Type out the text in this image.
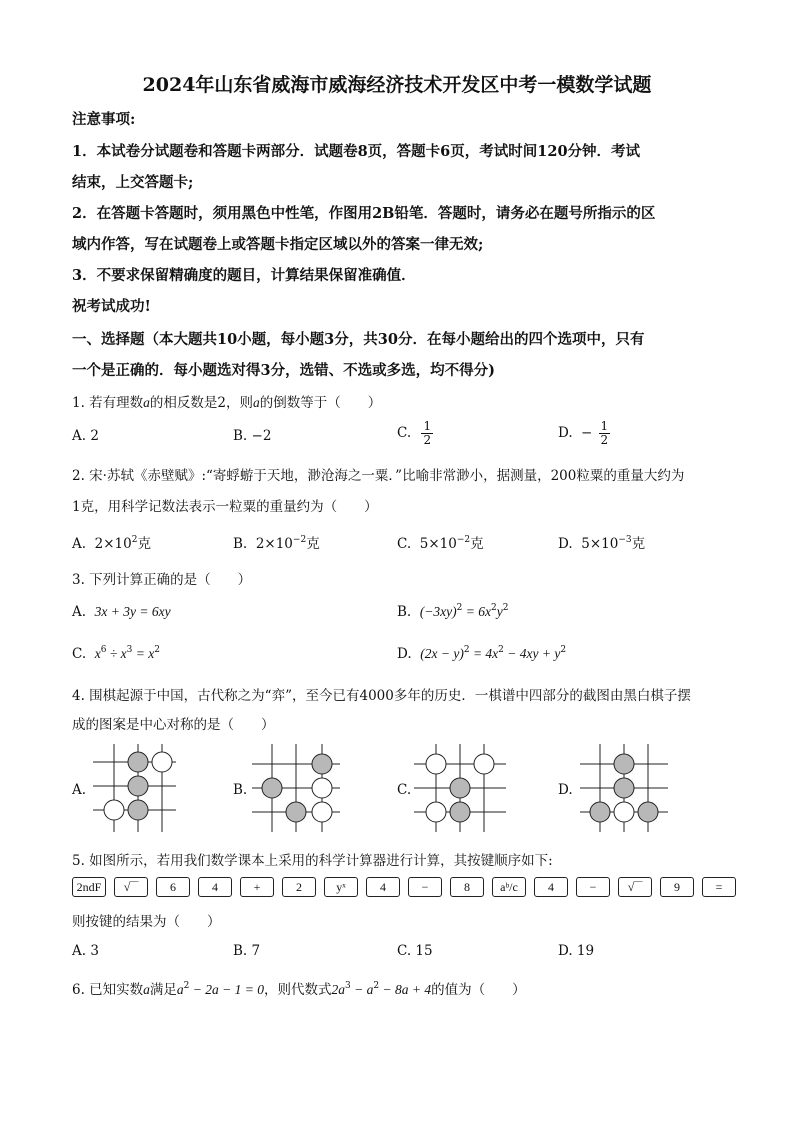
2024年山东省威海市威海经济技术开发区中考一模数学试题
注意事项:
1．本试卷分试题卷和答题卡两部分．试题卷8页，答题卡6页，考试时间120分钟．考试
结束，上交答题卡;
2．在答题卡答题时，须用黑色中性笔，作图用2B铅笔．答题时，请务必在题号所指示的区
域内作答，写在试题卷上或答题卡指定区域以外的答案一律无效;
3．不要求保留精确度的题目，计算结果保留准确值．
祝考试成功!
一、选择题（本大题共10小题，每小题3分，共30分．在每小题给出的四个选项中，只有
一个是正确的．每小题选对得3分，选错、不选或多选，均不得分)
1. 若有理数a的相反数是2，则a的倒数等于（　　）
A. 2	B. −2	C. $\frac{1}{2}$	D. − $\frac{1}{2}$
2. 宋·苏轼《赤壁赋》:“寄蜉蝣于天地，渺沧海之一粟．”比喻非常渺小，据测量，200粒粟的重量大约为
1克，用科学记数法表示一粒粟的重量约为（　　）
A. $2\times 10^2$克	B. $2\times 10^{-2}$克	C. $5\times 10^{-2}$克	D. $5\times 10^{-3}$克
3. 下列计算正确的是（　　）
A. 3x + 3y = 6xy	B. $(-3xy)^2 = 6x^2y^2$
C. $x^6 \div x^3 = x^2$	D. $(2x - y)^2 = 4x^2 - 4xy + y^2$
4. 围棋起源于中国，古代称之为“弈”，至今已有4000多年的历史．一棋谱中四部分的截图由黑白棋子摆
成的图案是中心对称的是（　　）
A.	B.	C.	D.
5. 如图所示，若用我们数学课本上采用的科学计算器进行计算，其按键顺序如下:
2ndF	√‾‾	6	4	+	2	yˣ	4	−	8	aᵇ/c	4	−	√‾‾	9	=
则按键的结果为（　　）
A. 3	B. 7	C. 15	D. 19
6. 已知实数a满足$a^2 - 2a - 1 = 0$，则代数式$2a^3 - a^2 - 8a + 4$的值为（　　）
